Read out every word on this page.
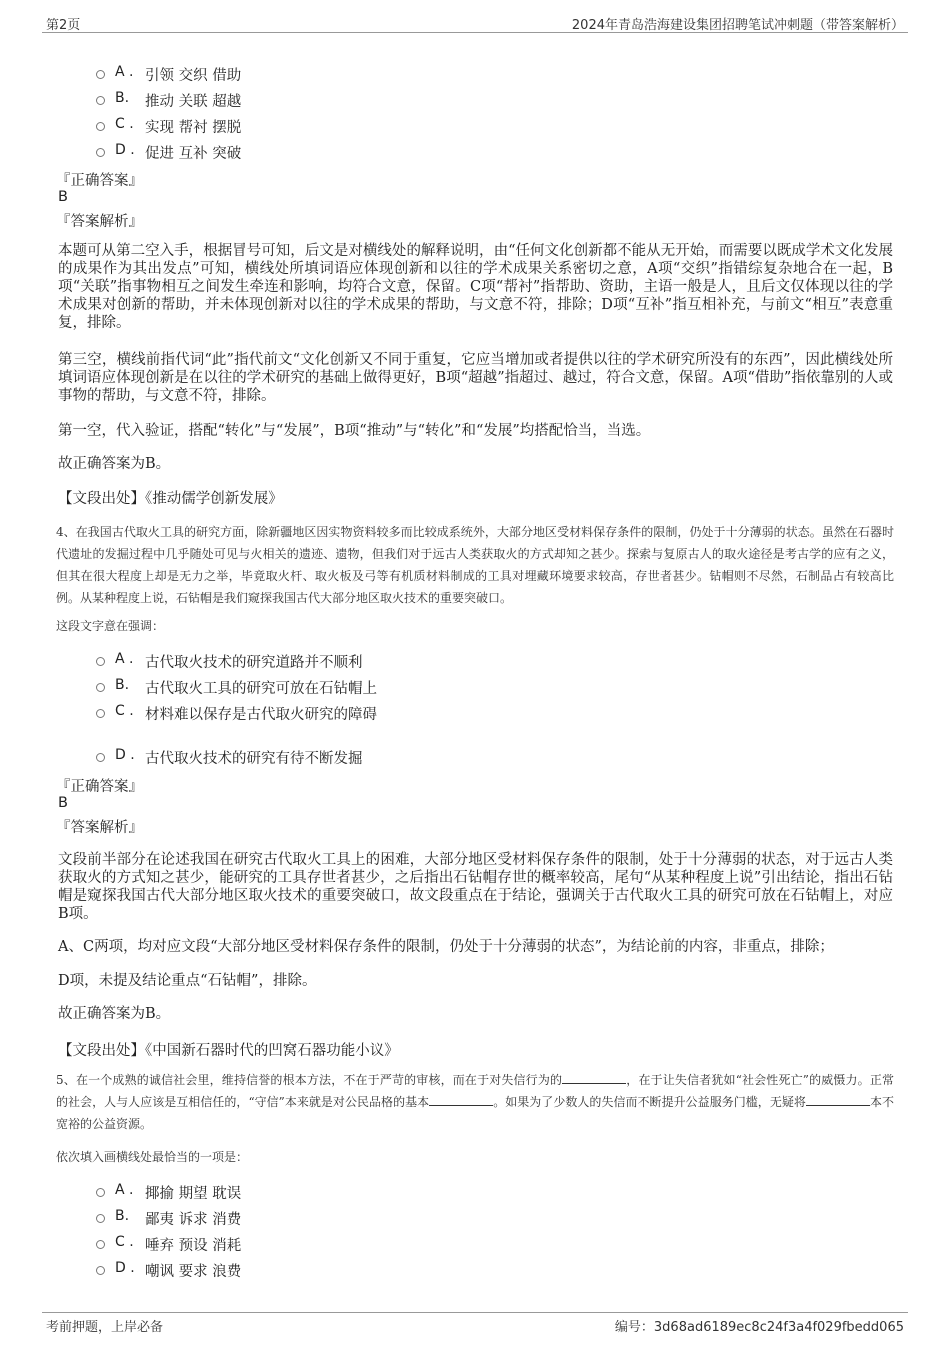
第2页	2024年青岛浩海建设集团招聘笔试冲刺题（带答案解析）
A . 引领 交织 借助
B. 推动 关联 超越
C . 实现 帮衬 摆脱
D . 促进 互补 突破
『正确答案』
B
『答案解析』

本题可从第二空入手，根据冒号可知，后文是对横线处的解释说明，由“任何文化创新都不能从无开始，而需要以既成学术文化发展的成果作为其出发点”可知，横线处所填词语应体现创新和以往的学术成果关系密切之意，A项“交织”指错综复杂地合在一起，B项“关联”指事物相互之间发生牵连和影响，均符合文意，保留。C项“帮衬”指帮助、资助，主语一般是人，且后文仅体现以往的学术成果对创新的帮助，并未体现创新对以往的学术成果的帮助，与文意不符，排除；D项“互补”指互相补充，与前文“相互”表意重复，排除。

第三空，横线前指代词“此”指代前文“文化创新又不同于重复，它应当增加或者提供以往的学术研究所没有的东西”，因此横线处所填词语应体现创新是在以往的学术研究的基础上做得更好，B项“超越”指超过、越过，符合文意，保留。A项“借助”指依靠别的人或事物的帮助，与文意不符，排除。

第一空，代入验证，搭配“转化”与“发展”，B项“推动”与“转化”和“发展”均搭配恰当，当选。

故正确答案为B。

【文段出处】《推动儒学创新发展》

4、在我国古代取火工具的研究方面，除新疆地区因实物资料较多而比较成系统外，大部分地区受材料保存条件的限制，仍处于十分薄弱的状态。虽然在石器时代遗址的发掘过程中几乎随处可见与火相关的遗迹、遗物，但我们对于远古人类获取火的方式却知之甚少。探索与复原古人的取火途径是考古学的应有之义，但其在很大程度上却是无力之举，毕竟取火杆、取火板及弓等有机质材料制成的工具对埋藏环境要求较高，存世者甚少。钻帽则不尽然，石制品占有较高比例。从某种程度上说，石钻帽是我们窥探我国古代大部分地区取火技术的重要突破口。

这段文字意在强调：
A . 古代取火技术的研究道路并不顺利
B. 古代取火工具的研究可放在石钻帽上
C . 材料难以保存是古代取火研究的障碍
D . 古代取火技术的研究有待不断发掘
『正确答案』
B
『答案解析』

文段前半部分在论述我国在研究古代取火工具上的困难，大部分地区受材料保存条件的限制，处于十分薄弱的状态，对于远古人类获取火的方式知之甚少，能研究的工具存世者甚少，之后指出石钻帽存世的概率较高，尾句“从某种程度上说”引出结论，指出石钻帽是窥探我国古代大部分地区取火技术的重要突破口，故文段重点在于结论，强调关于古代取火工具的研究可放在石钻帽上，对应B项。

A、C两项，均对应文段“大部分地区受材料保存条件的限制，仍处于十分薄弱的状态”，为结论前的内容，非重点，排除；

D项，未提及结论重点“石钻帽”，排除。

故正确答案为B。

【文段出处】《中国新石器时代的凹窝石器功能小议》

5、在一个成熟的诚信社会里，维持信誉的根本方法，不在于严苛的审核，而在于对失信行为的	，在于让失信者犹如“社会性死亡”的威慑力。正常的社会，人与人应该是互相信任的，“守信”本来就是对公民品格的基本	。如果为了少数人的失信而不断提升公益服务门槛，无疑将	本不宽裕的公益资源。

依次填入画横线处最恰当的一项是：
A . 揶揄 期望 耽误
B. 鄙夷 诉求 消费
C . 唾弃 预设 消耗
D . 嘲讽 要求 浪费
考前押题，上岸必备	编号：3d68ad6189ec8c24f3a4f029fbedd065
